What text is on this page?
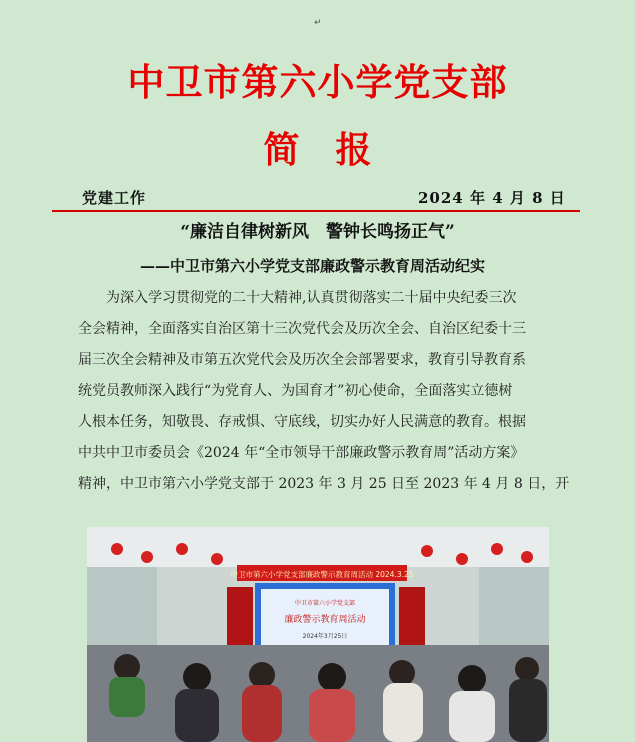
↵
中卫市第六小学党支部
简　报
党建工作	2024 年 4 月 8 日
“廉洁自律树新风　警钟长鸣扬正气”
——中卫市第六小学党支部廉政警示教育周活动纪实
为深入学习贯彻党的二十大精神,认真贯彻落实二十届中央纪委三次
全会精神，全面落实自治区第十三次党代会及历次全会、自治区纪委十三
届三次全会精神及市第五次党代会及历次全会部署要求，教育引导教育系
统党员教师深入践行“为党育人、为国育才”初心使命，全面落实立德树
人根本任务，知敬畏、存戒惧、守底线，切实办好人民满意的教育。根据
中共中卫市委员会《2024 年“全市领导干部廉政警示教育周”活动方案》
精神，中卫市第六小学党支部于 2023 年 3 月 25 日至 2023 年 4 月 8 日，开
中卫市第六小学党支部廉政警示教育周活动 2024.3.25
中卫市第六小学党支部
廉政警示教育周活动
2024年3月25日
